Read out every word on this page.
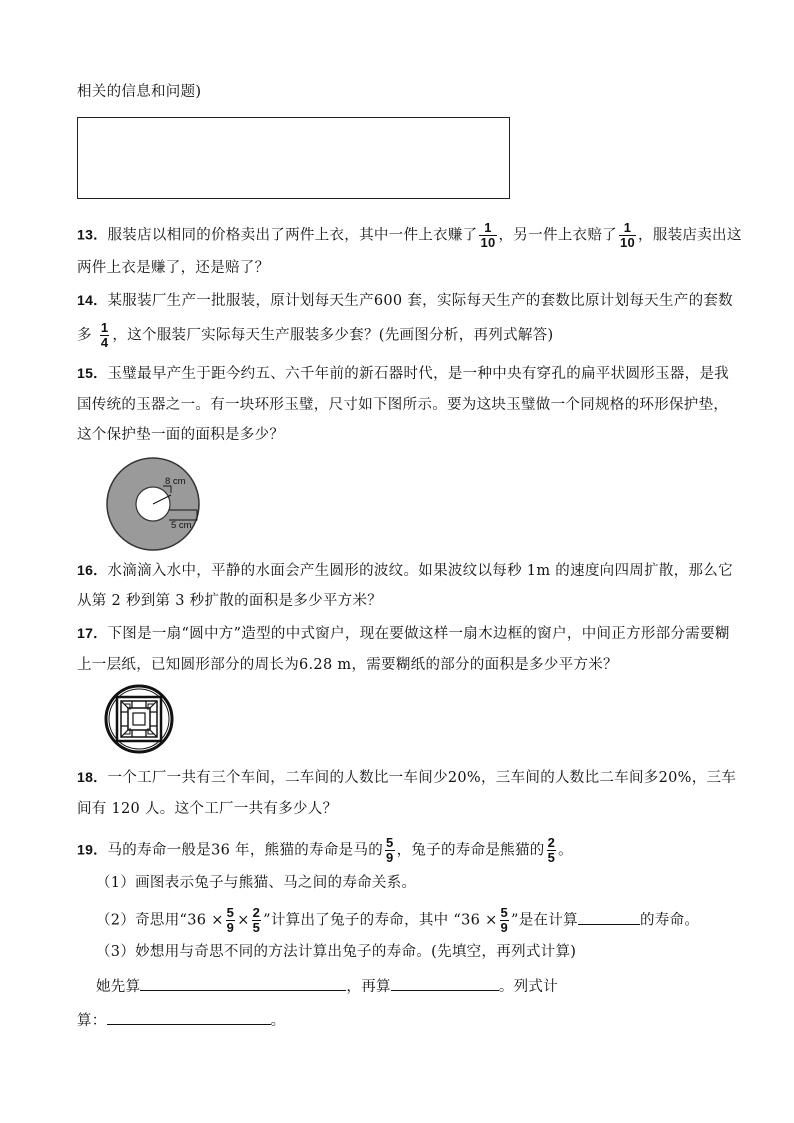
相关的信息和问题)
13．服装店以相同的价格卖出了两件上衣，其中一件上衣赚了 $\frac{1}{10}$ ，另一件上衣赔了 $\frac{1}{10}$ ，服装店卖出这
两件上衣是赚了，还是赔了？
14．某服装厂生产一批服装，原计划每天生产600 套，实际每天生产的套数比原计划每天生产的套数
多 $\frac{1}{4}$ ，这个服装厂实际每天生产服装多少套？(先画图分析，再列式解答)
15．玉璧最早产生于距今约五、六千年前的新石器时代，是一种中央有穿孔的扁平状圆形玉器，是我
国传统的玉器之一。有一块环形玉璧，尺寸如下图所示。要为这块玉璧做一个同规格的环形保护垫，
这个保护垫一面的面积是多少？
8 cm
5 cm
16．水滴滴入水中，平静的水面会产生圆形的波纹。如果波纹以每秒 1m 的速度向四周扩散，那么它
从第 2 秒到第 3 秒扩散的面积是多少平方米？
17．下图是一扇“圆中方”造型的中式窗户，现在要做这样一扇木边框的窗户，中间正方形部分需要糊
上一层纸，已知圆形部分的周长为6.28 m，需要糊纸的部分的面积是多少平方米？
18．一个工厂一共有三个车间，二车间的人数比一车间少20%，三车间的人数比二车间多20%，三车
间有 120 人。这个工厂一共有多少人？
19．马的寿命一般是36 年，熊猫的寿命是马的 $\frac{5}{9}$ ，兔子的寿命是熊猫的 $\frac{2}{5}$ 。
（1）画图表示兔子与熊猫、马之间的寿命关系。
（2）奇思用“$36 \times \frac{5}{9} \times \frac{2}{5}$ ”计算出了兔子的寿命，其中 “$36 \times \frac{5}{9}$ ”是在计算	的寿命。
（3）妙想用与奇思不同的方法计算出兔子的寿命。(先填空，再列式计算)
她先算	，再算	。列式计
算：	。
